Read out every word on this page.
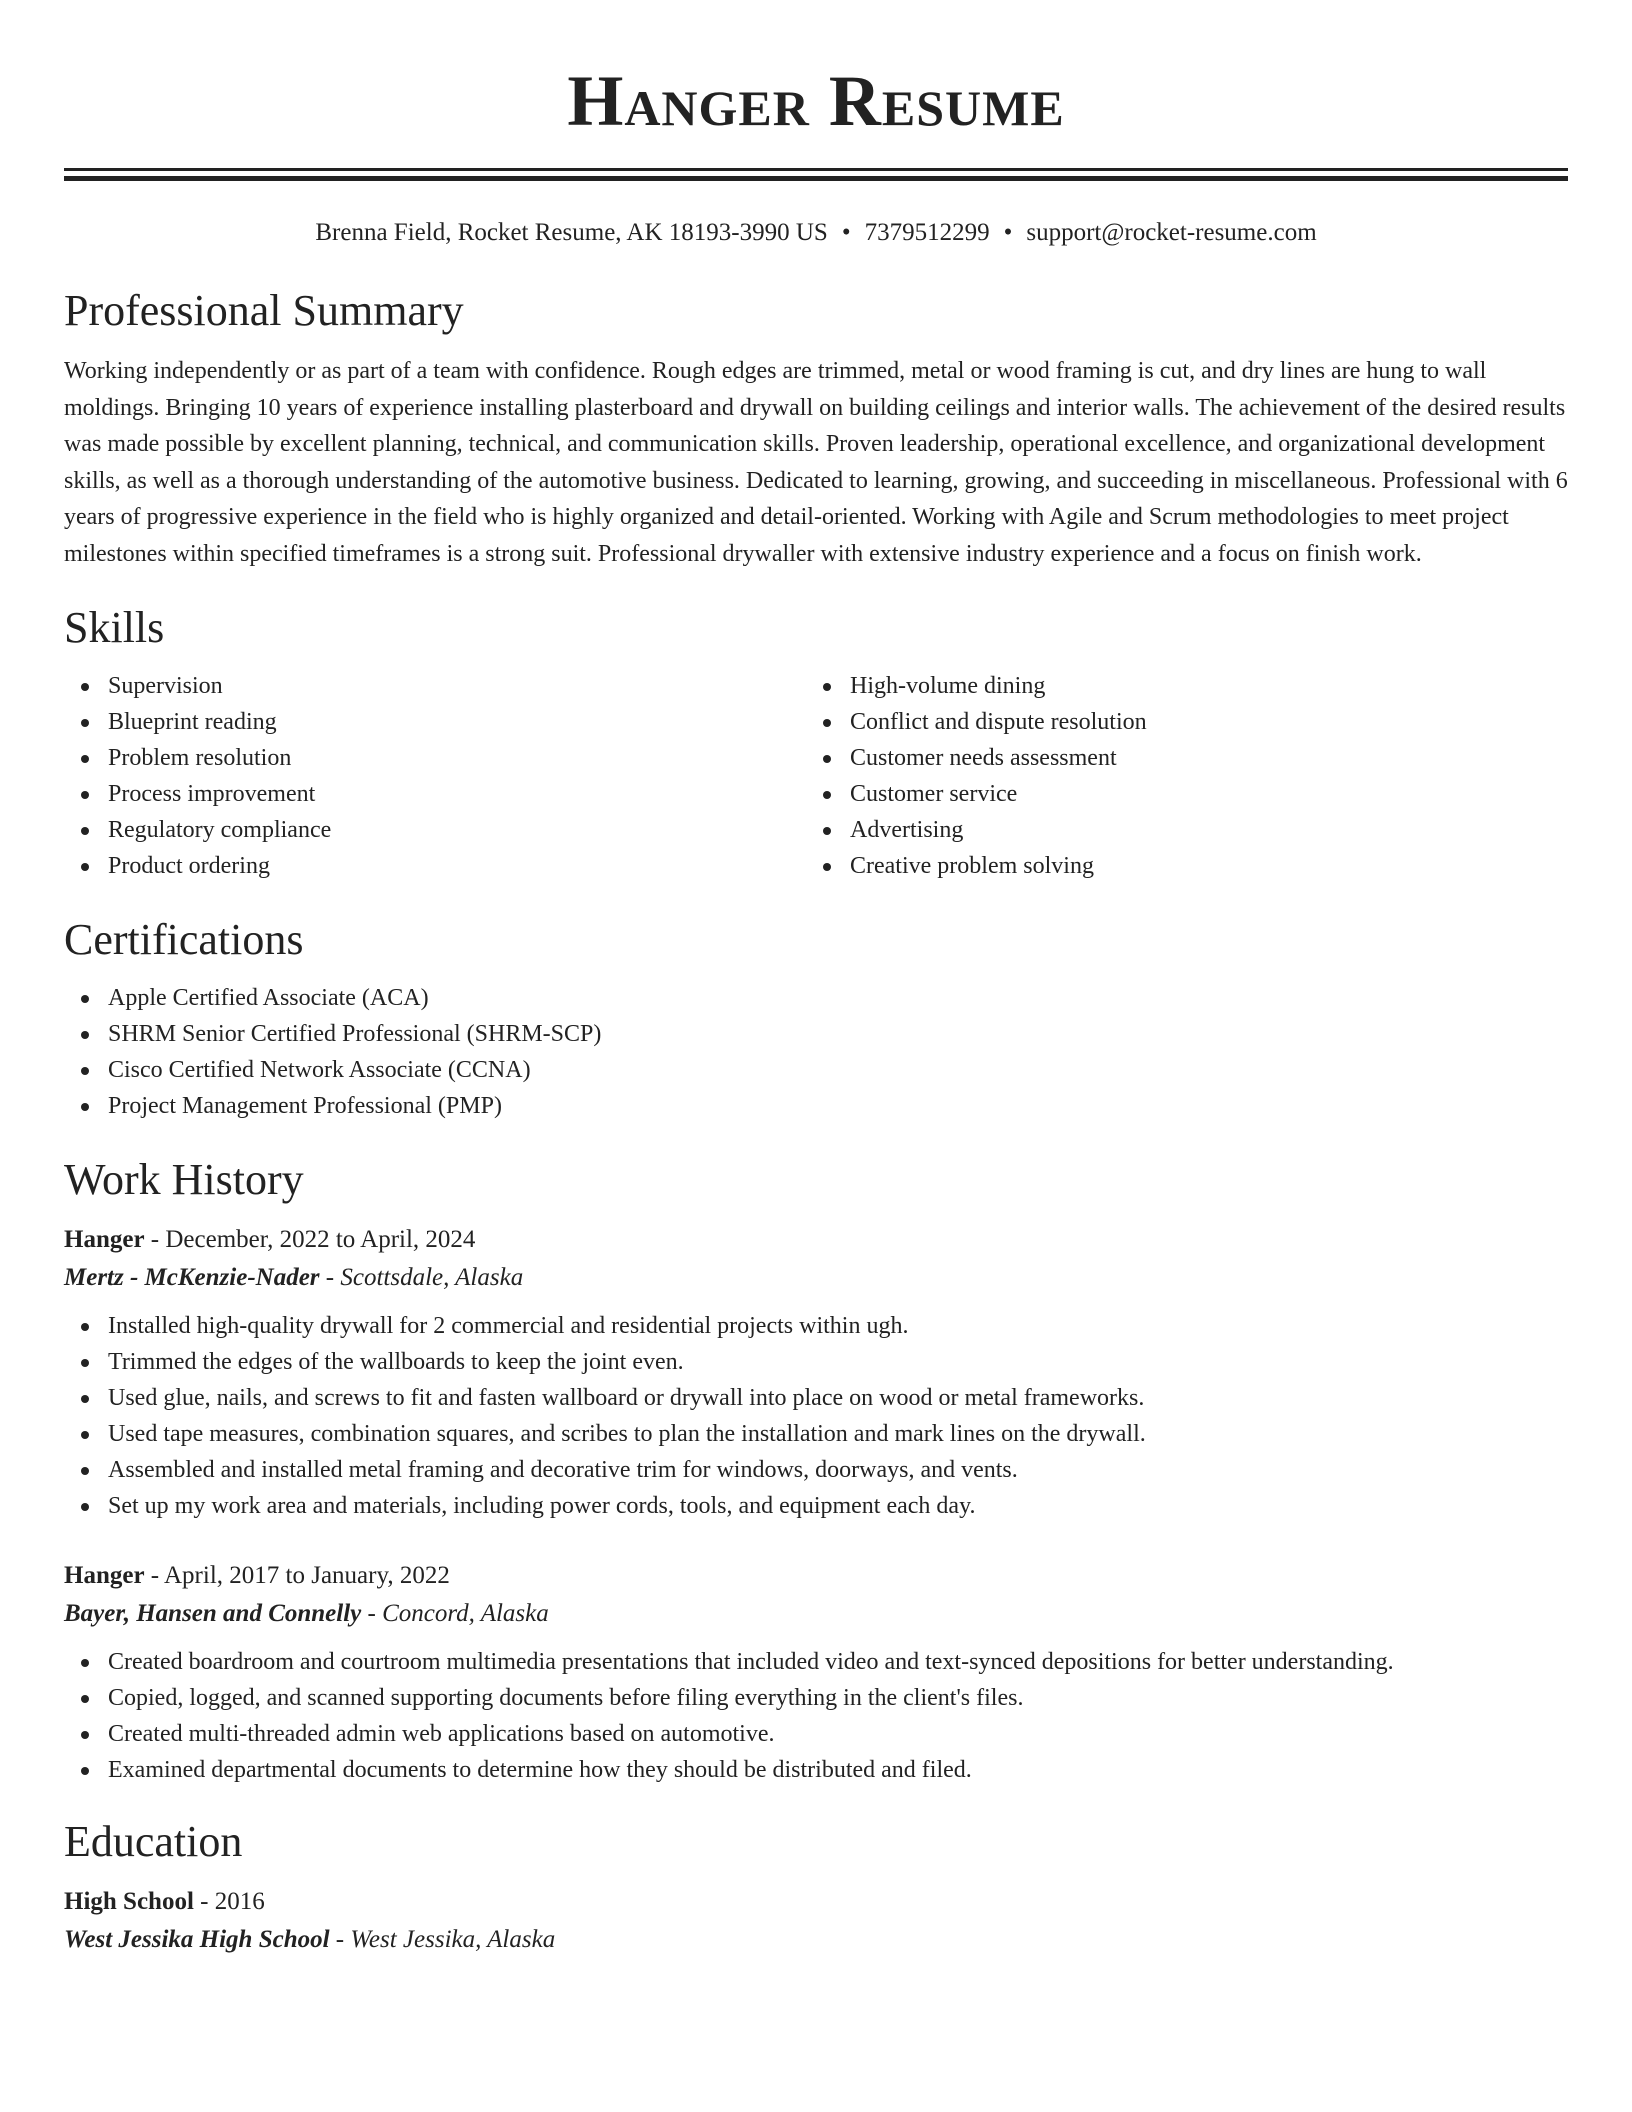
Hanger Resume
Brenna Field, Rocket Resume, AK 18193-3990 US • 7379512299 • support@rocket-resume.com
Professional Summary

Working independently or as part of a team with confidence. Rough edges are trimmed, metal or wood framing is cut, and dry lines are hung to wall moldings. Bringing 10 years of experience installing plasterboard and drywall on building ceilings and interior walls. The achievement of the desired results was made possible by excellent planning, technical, and communication skills. Proven leadership, operational excellence, and organizational development skills, as well as a thorough understanding of the automotive business. Dedicated to learning, growing, and succeeding in miscellaneous. Professional with 6 years of progressive experience in the field who is highly organized and detail-oriented. Working with Agile and Scrum methodologies to meet project milestones within specified timeframes is a strong suit. Professional drywaller with extensive industry experience and a focus on finish work.

Skills
Supervision
Blueprint reading
Problem resolution
Process improvement
Regulatory compliance
Product ordering
High-volume dining
Conflict and dispute resolution
Customer needs assessment
Customer service
Advertising
Creative problem solving
Certifications
Apple Certified Associate (ACA)
SHRM Senior Certified Professional (SHRM-SCP)
Cisco Certified Network Associate (CCNA)
Project Management Professional (PMP)
Work History
Hanger - December, 2022 to April, 2024
Mertz - McKenzie-Nader - Scottsdale, Alaska
Installed high-quality drywall for 2 commercial and residential projects within ugh.
Trimmed the edges of the wallboards to keep the joint even.
Used glue, nails, and screws to fit and fasten wallboard or drywall into place on wood or metal frameworks.
Used tape measures, combination squares, and scribes to plan the installation and mark lines on the drywall.
Assembled and installed metal framing and decorative trim for windows, doorways, and vents.
Set up my work area and materials, including power cords, tools, and equipment each day.
Hanger - April, 2017 to January, 2022
Bayer, Hansen and Connelly - Concord, Alaska
Created boardroom and courtroom multimedia presentations that included video and text-synced depositions for better understanding.
Copied, logged, and scanned supporting documents before filing everything in the client's files.
Created multi-threaded admin web applications based on automotive.
Examined departmental documents to determine how they should be distributed and filed.
Education
High School - 2016
West Jessika High School - West Jessika, Alaska
